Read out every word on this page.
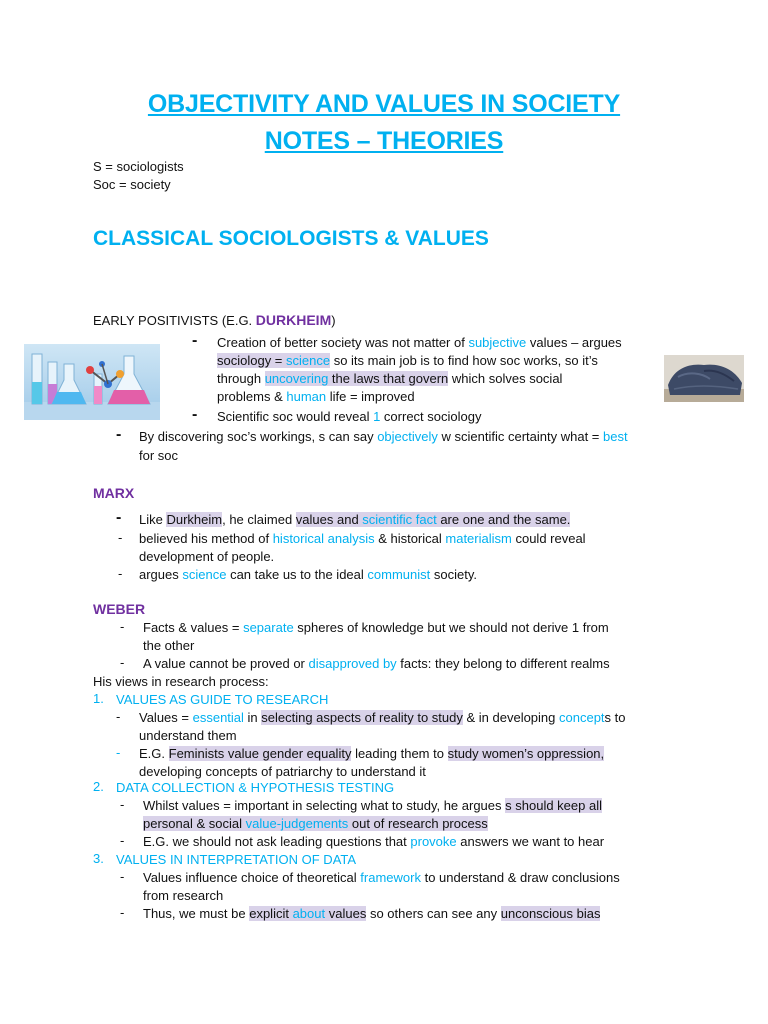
OBJECTIVITY AND VALUES IN SOCIETY
NOTES – THEORIES
S = sociologists
Soc = society
CLASSICAL SOCIOLOGISTS & VALUES
EARLY POSITIVISTS (E.G. DURKHEIM)
- Creation of better society was not matter of subjective values – argues
sociology = science so its main job is to find how soc works, so it’s
through uncovering the laws that govern which solves social
problems & human life = improved
- Scientific soc would reveal 1 correct sociology
- By discovering soc’s workings, s can say objectively w scientific certainty what = best
for soc
MARX
- Like Durkheim, he claimed values and scientific fact are one and the same.
- believed his method of historical analysis & historical materialism could reveal
development of people.
- argues science can take us to the ideal communist society.
WEBER
- Facts & values = separate spheres of knowledge but we should not derive 1 from
the other
- A value cannot be proved or disapproved by facts: they belong to different realms
His views in research process:
1. VALUES AS GUIDE TO RESEARCH
- Values = essential in selecting aspects of reality to study & in developing concepts to
understand them
- E.G. Feminists value gender equality leading them to study women’s oppression,
developing concepts of patriarchy to understand it
2. DATA COLLECTION & HYPOTHESIS TESTING
- Whilst values = important in selecting what to study, he argues s should keep all
personal & social value-judgements out of research process
- E.G. we should not ask leading questions that provoke answers we want to hear
3. VALUES IN INTERPRETATION OF DATA
- Values influence choice of theoretical framework to understand & draw conclusions
from research
- Thus, we must be explicit about values so others can see any unconscious bias
